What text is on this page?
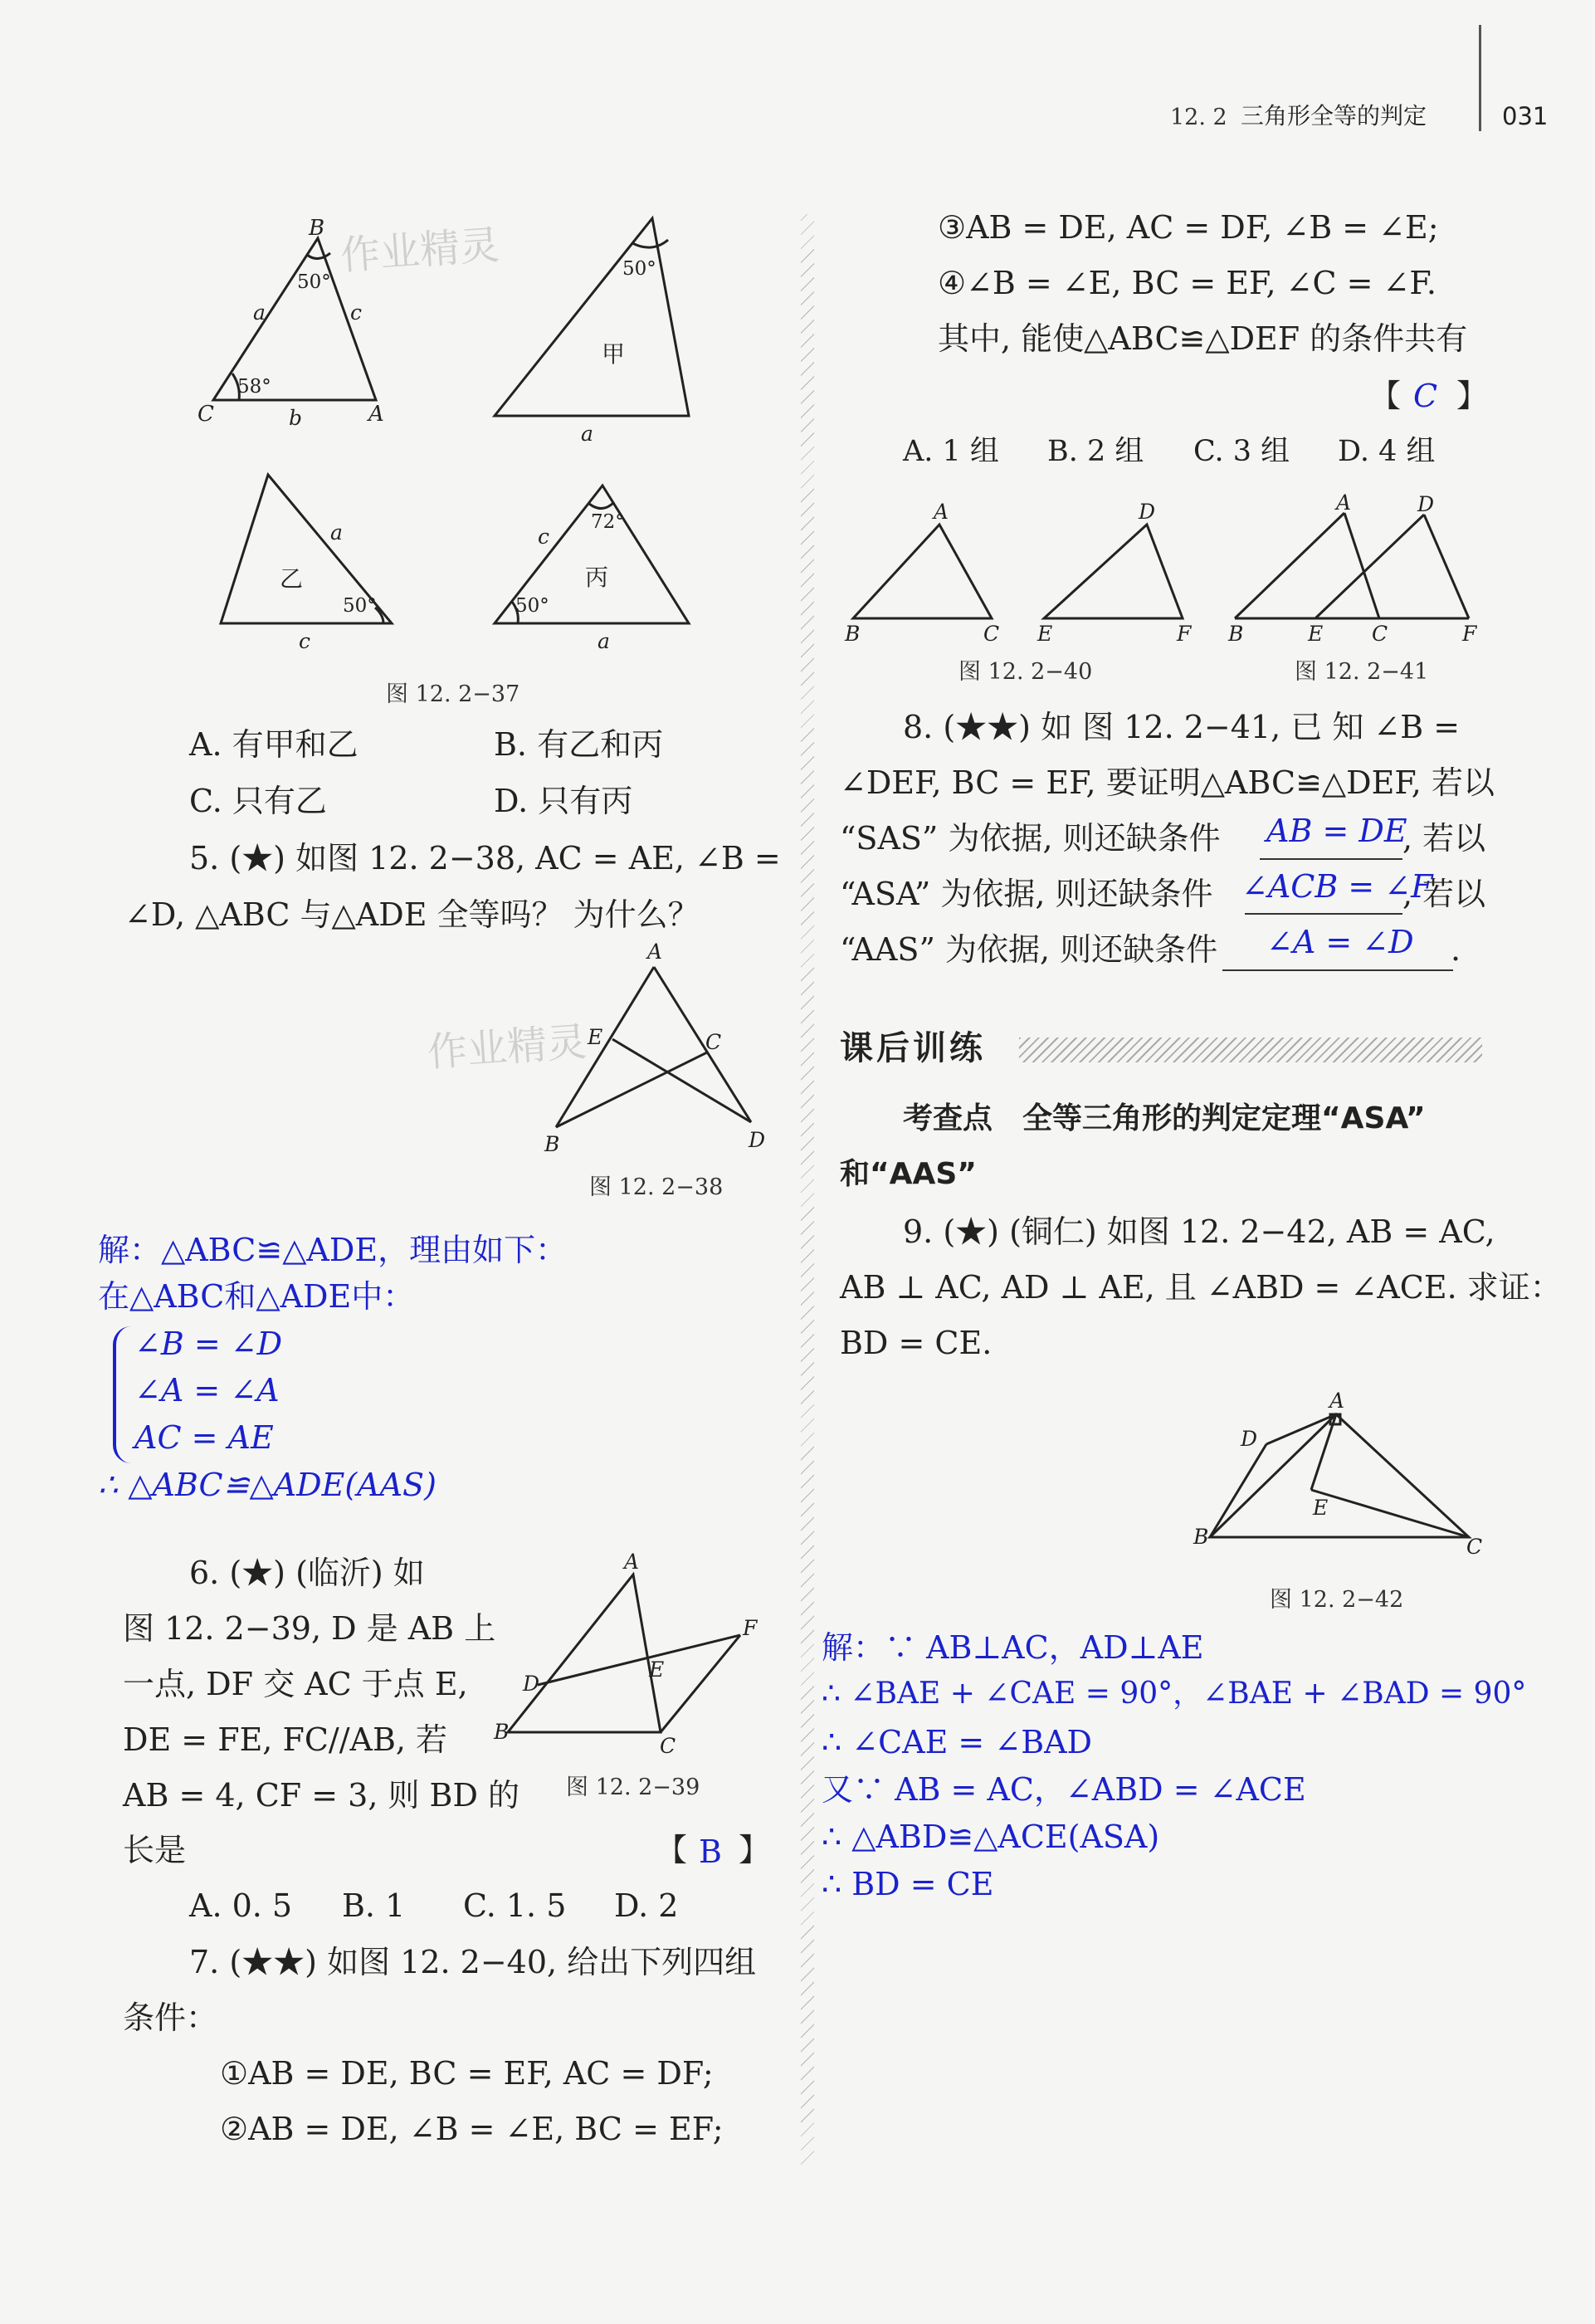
12. 2 三角形全等的判定	031
B
50°
a	c
58°
C	b	A
50°
甲
a
a
乙
50°
c
72°
c
丙
50°
a
图 12. 2−37
作业精灵
A. 有甲和乙	B. 有乙和丙
C. 只有乙	D. 只有丙
5. (★) 如图 12. 2−38, AC = AE, ∠B =
∠D, △ABC 与△ADE 全等吗？ 为什么？
A
E	C
B	D
图 12. 2−38
作业精灵
解：△ABC≌△ADE，理由如下：
在△ABC和△ADE中：
∠B = ∠D
∠A = ∠A
AC = AE
∴ △ABC≌△ADE(AAS)
6. (★) (临沂) 如
图 12. 2−39, D 是 AB 上
一点, DF 交 AC 于点 E,
DE = FE, FC//AB, 若
AB = 4, CF = 3, 则 BD 的
长是	【 B 】
A. 0. 5 B. 1 C. 1. 5 D. 2
A
F
D
E
B
C
图 12. 2−39
7. (★★) 如图 12. 2−40, 给出下列四组
条件：
①AB = DE, BC = EF, AC = DF;
②AB = DE, ∠B = ∠E, BC = EF;
③AB = DE, AC = DF, ∠B = ∠E;
④∠B = ∠E, BC = EF, ∠C = ∠F.
其中, 能使△ABC≌△DEF 的条件共有
【 C 】
A. 1 组 B. 2 组 C. 3 组 D. 4 组
A
B	C
D
E	F
图 12. 2−40
A	D
B	E C	F
图 12. 2−41
8. (★★) 如 图 12. 2−41, 已 知 ∠B =
∠DEF, BC = EF, 要证明△ABC≌△DEF, 若以
“SAS” 为依据, 则还缺条件 AB = DE
, 若以
“ASA” 为依据, 则还缺条件 ∠ACB = ∠F
, 若以
“AAS” 为依据, 则还缺条件 ∠A = ∠D .
课后训练
考查点　全等三角形的判定定理“ASA”
和“AAS”
9. (★) (铜仁) 如图 12. 2−42, AB = AC,
AB ⊥ AC, AD ⊥ AE, 且 ∠ABD = ∠ACE. 求证：
BD = CE.
A
D
E
B	C
图 12. 2−42
解：∵ AB⊥AC，AD⊥AE
∴ ∠BAE + ∠CAE = 90°，∠BAE + ∠BAD = 90°
∴ ∠CAE = ∠BAD
又∵ AB = AC，∠ABD = ∠ACE
∴ △ABD≌△ACE(ASA)
∴ BD = CE
